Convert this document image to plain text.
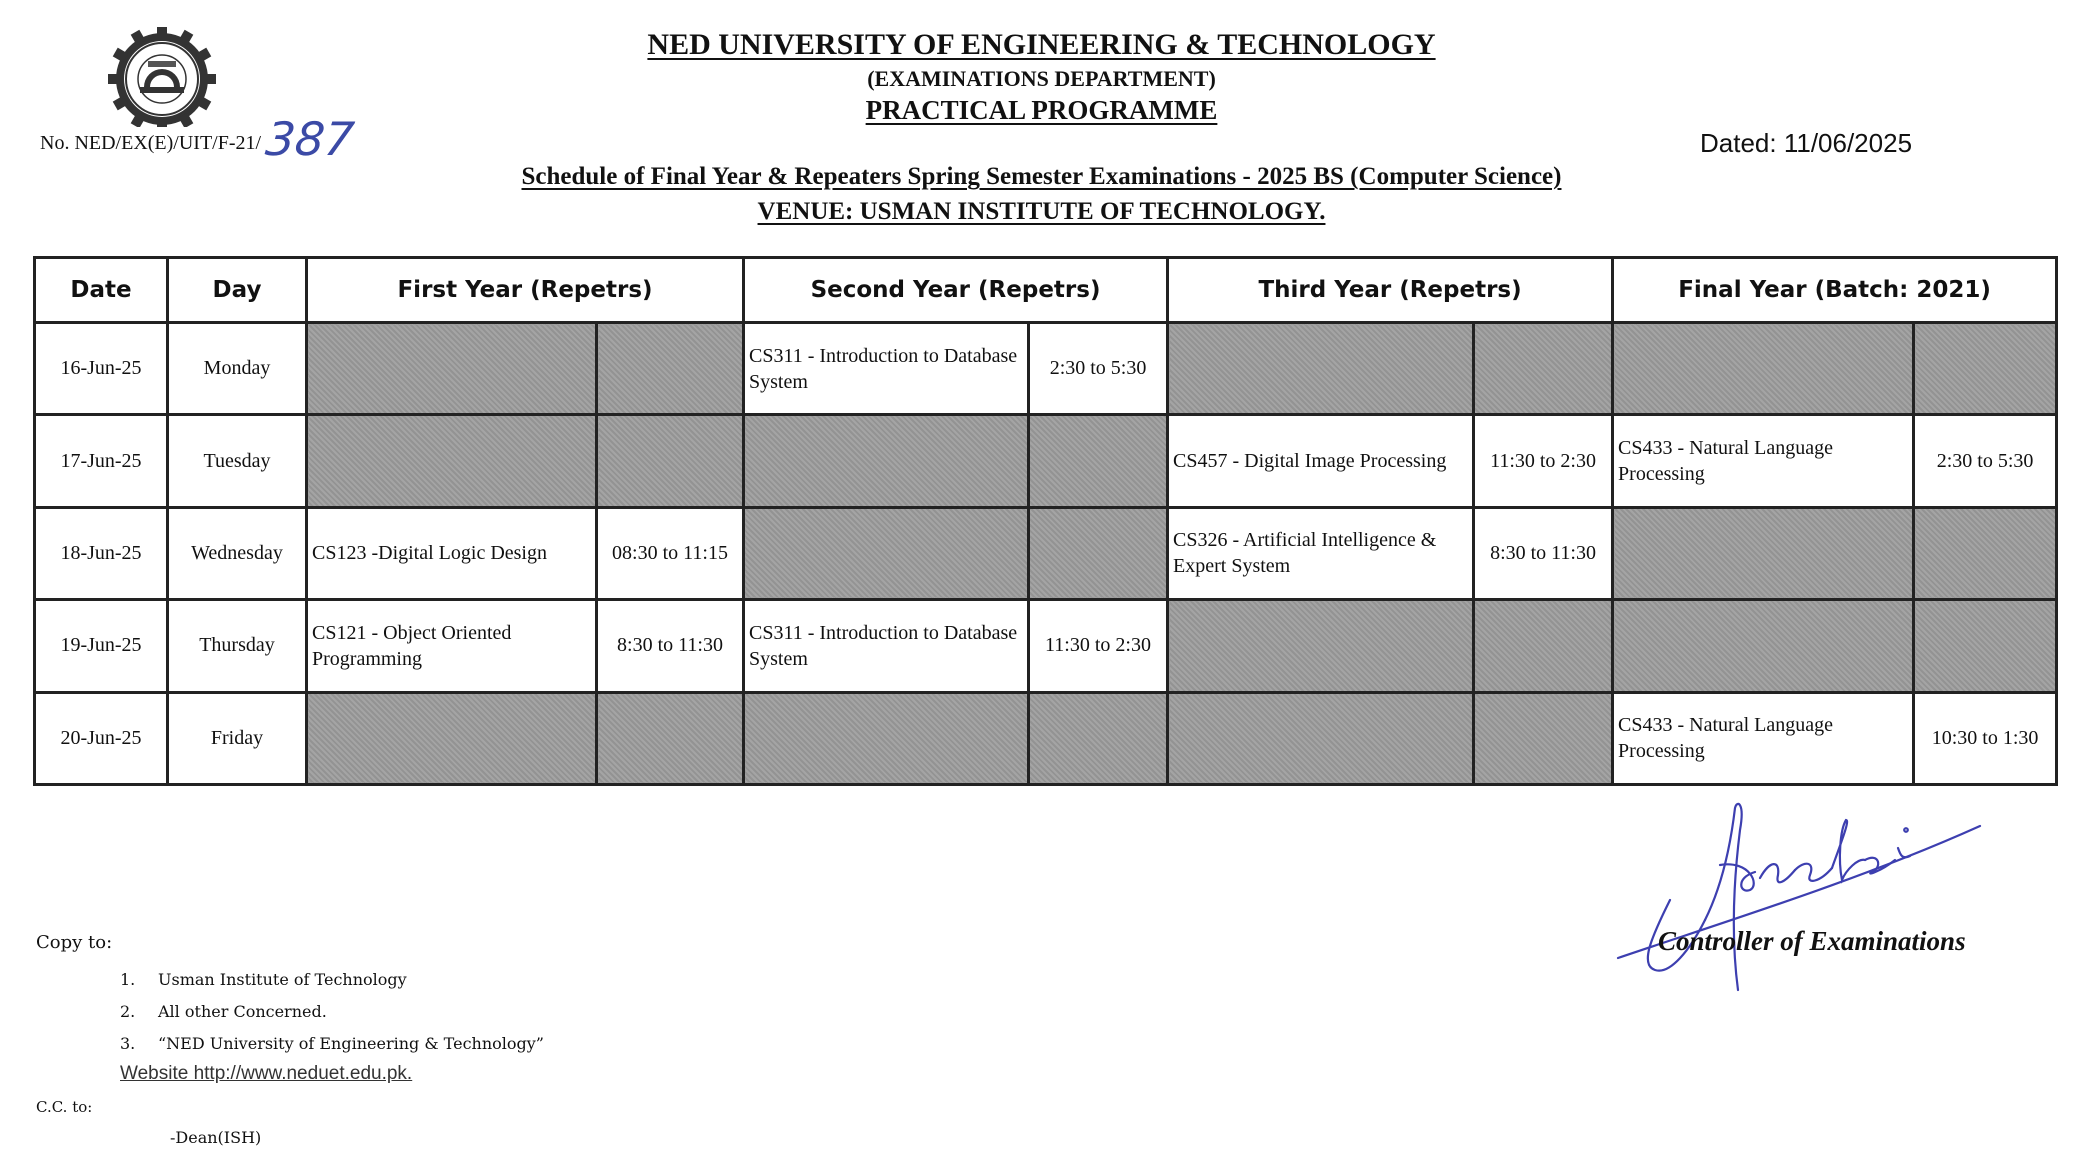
NED UNIVERSITY OF ENGINEERING & TECHNOLOGY
(EXAMINATIONS DEPARTMENT)
PRACTICAL PROGRAMME
No. NED/EX(E)/UIT/F-21/ 387	Dated: 11/06/2025
Schedule of Final Year & Repeaters Spring Semester Examinations - 2025 BS (Computer Science)
VENUE: USMAN INSTITUTE OF TECHNOLOGY.
Date	Day	First Year (Repetrs)		Second Year (Repetrs)		Third Year (Repetrs)		Final Year (Batch: 2021)	
16-Jun-25	Monday			CS311 - Introduction to Database System	2:30 to 5:30				
17-Jun-25	Tuesday					CS457 - Digital Image Processing	11:30 to 2:30	CS433 - Natural Language Processing	2:30 to 5:30
18-Jun-25	Wednesday	CS123 -Digital Logic Design	08:30 to 11:15			CS326 - Artificial Intelligence & Expert System	8:30 to 11:30		
19-Jun-25	Thursday	CS121 - Object Oriented Programming	8:30 to 11:30	CS311 - Introduction to Database System	11:30 to 2:30				
20-Jun-25	Friday							CS433 - Natural Language Processing	10:30 to 1:30
Controller of Examinations
Copy to:
1. Usman Institute of Technology
2. All other Concerned.
3. “NED University of Engineering & Technology”
Website http://www.neduet.edu.pk.
C.C. to:
-Dean(ISH)
